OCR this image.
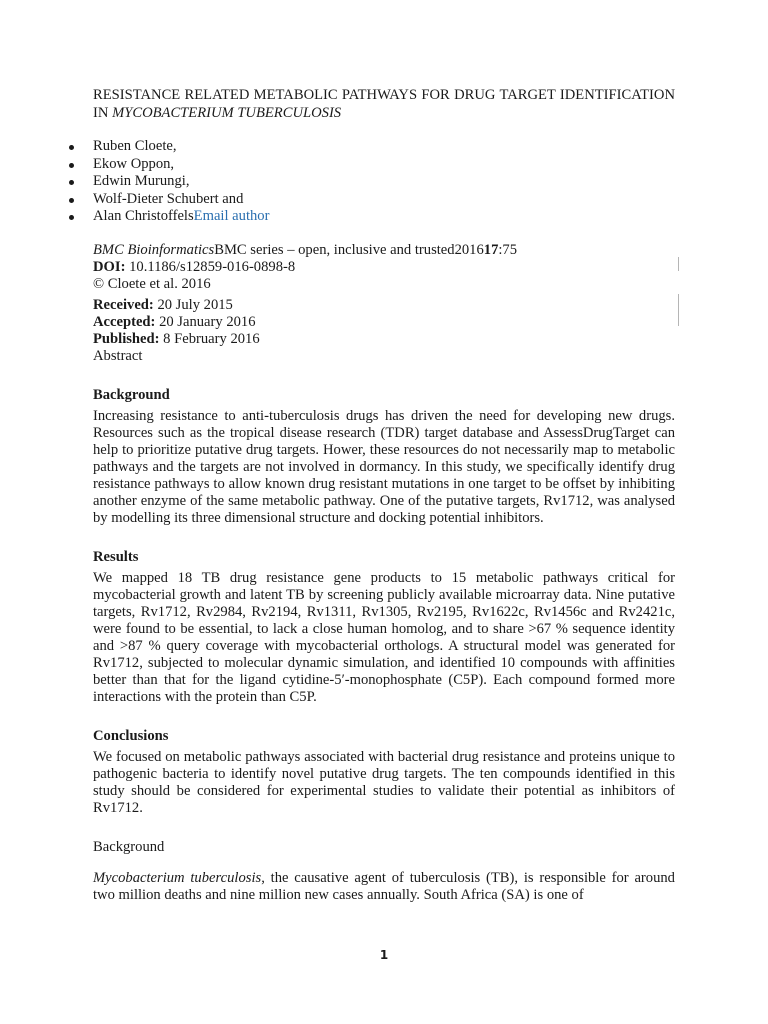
RESISTANCE RELATED METABOLIC PATHWAYS FOR DRUG TARGET IDENTIFICATION IN MYCOBACTERIUM TUBERCULOSIS
Ruben Cloete,
Ekow Oppon,
Edwin Murungi,
Wolf-Dieter Schubert and
Alan ChristoffelsEmail author
BMC BioinformaticsBMC series – open, inclusive and trusted201617:75
DOI: 10.1186/s12859-016-0898-8
© Cloete et al. 2016
Received: 20 July 2015
Accepted: 20 January 2016
Published: 8 February 2016
Abstract
Background

Increasing resistance to anti-tuberculosis drugs has driven the need for developing new drugs. Resources such as the tropical disease research (TDR) target database and AssessDrugTarget can help to prioritize putative drug targets. Hower, these resources do not necessarily map to metabolic pathways and the targets are not involved in dormancy. In this study, we specifically identify drug resistance pathways to allow known drug resistant mutations in one target to be offset by inhibiting another enzyme of the same metabolic pathway. One of the putative targets, Rv1712, was analysed by modelling its three dimensional structure and docking potential inhibitors.

Results

We mapped 18 TB drug resistance gene products to 15 metabolic pathways critical for mycobacterial growth and latent TB by screening publicly available microarray data. Nine putative targets, Rv1712, Rv2984, Rv2194, Rv1311, Rv1305, Rv2195, Rv1622c, Rv1456c and Rv2421c, were found to be essential, to lack a close human homolog, and to share >67 % sequence identity and >87 % query coverage with mycobacterial orthologs. A structural model was generated for Rv1712, subjected to molecular dynamic simulation, and identified 10 compounds with affinities better than that for the ligand cytidine-5′-monophosphate (C5P). Each compound formed more interactions with the protein than C5P.

Conclusions

We focused on metabolic pathways associated with bacterial drug resistance and proteins unique to pathogenic bacteria to identify novel putative drug targets. The ten compounds identified in this study should be considered for experimental studies to validate their potential as inhibitors of Rv1712.

Background

Mycobacterium tuberculosis, the causative agent of tuberculosis (TB), is responsible for around two million deaths and nine million new cases annually. South Africa (SA) is one of

1
